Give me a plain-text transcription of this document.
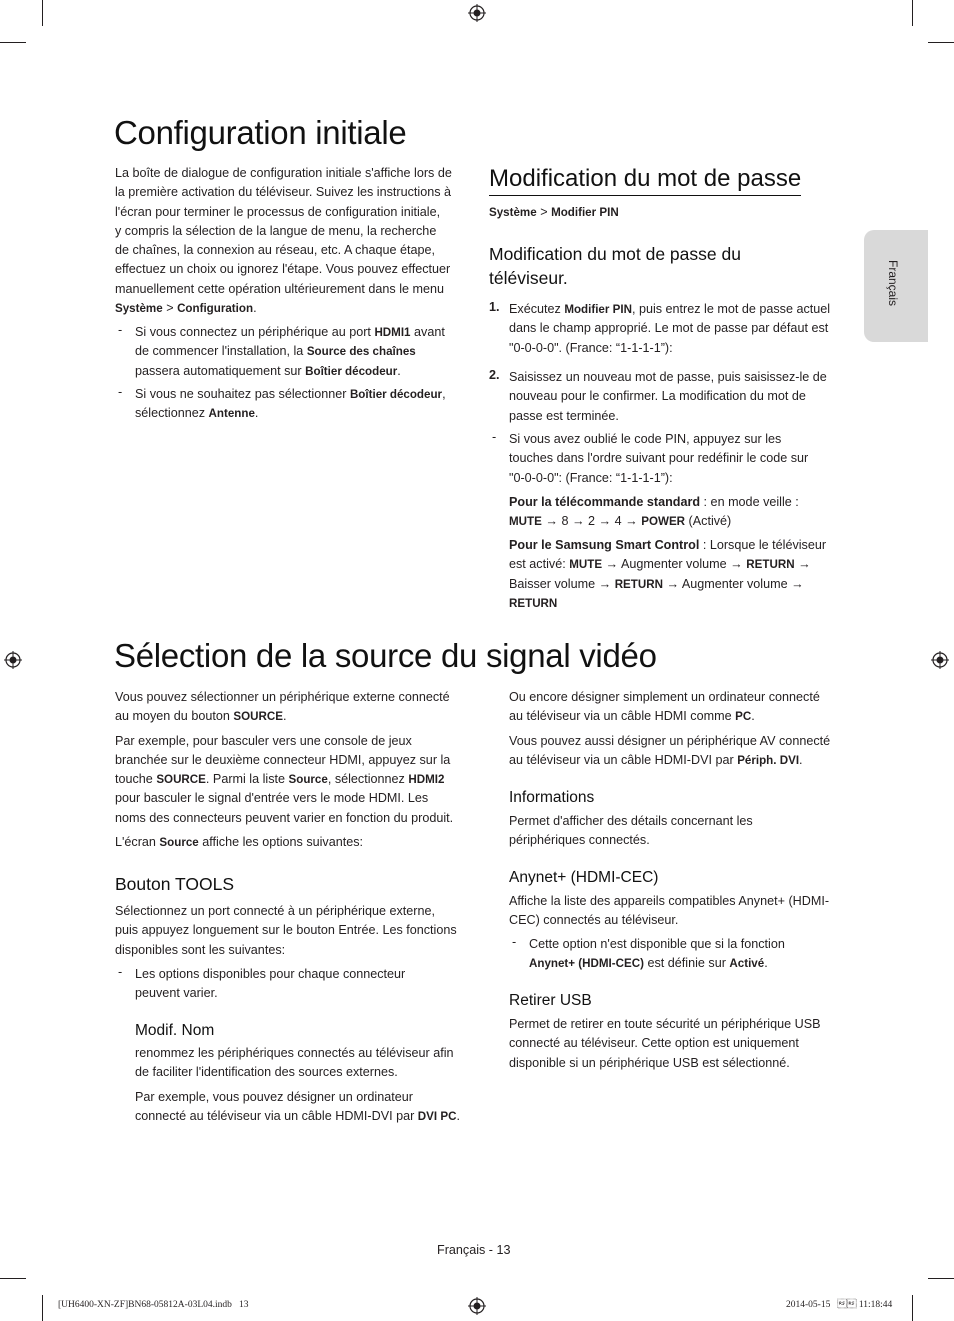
Français
Configuration initiale

La boîte de dialogue de configuration initiale s'affiche lors de

la première activation du téléviseur. Suivez les instructions à

l'écran pour terminer le processus de configuration initiale,

y compris la sélection de la langue de menu, la recherche

de chaînes, la connexion au réseau, etc. A chaque étape,

effectuez un choix ou ignorez l'étape. Vous pouvez effectuer

manuellement cette opération ultérieurement dans le menu

Système > Configuration.

- Si vous connectez un périphérique au port HDMI1 avant

de commencer l'installation, la Source des chaînes

passera automatiquement sur Boîtier décodeur.

- Si vous ne souhaitez pas sélectionner Boîtier décodeur,

sélectionnez Antenne.

Modification du mot de passe

Système > Modifier PIN

Modification du mot de passe du
téléviseur.
1. Exécutez Modifier PIN, puis entrez le mot de passe actuel

dans le champ approprié. Le mot de passe par défaut est

"0-0-0-0". (France: “1-1-1-1”):

2. Saisissez un nouveau mot de passe, puis saisissez-le de

nouveau pour le confirmer. La modification du mot de

passe est terminée.

- Si vous avez oublié le code PIN, appuyez sur les

touches dans l'ordre suivant pour redéfinir le code sur

"0-0-0-0": (France: “1-1-1-1”):

Pour la télécommande standard : en mode veille :

MUTE → 8 → 2 → 4 → POWER (Activé)

Pour le Samsung Smart Control : Lorsque le téléviseur

est activé: MUTE → Augmenter volume → RETURN →

Baisser volume → RETURN → Augmenter volume →

RETURN

Sélection de la source du signal vidéo

Vous pouvez sélectionner un périphérique externe connecté

au moyen du bouton SOURCE.

Par exemple, pour basculer vers une console de jeux

branchée sur le deuxième connecteur HDMI, appuyez sur la

touche SOURCE. Parmi la liste Source, sélectionnez HDMI2

pour basculer le signal d'entrée vers le mode HDMI. Les

noms des connecteurs peuvent varier en fonction du produit.

L'écran Source affiche les options suivantes:

Bouton TOOLS

Sélectionnez un port connecté à un périphérique externe,

puis appuyez longuement sur le bouton Entrée. Les fonctions

disponibles sont les suivantes:

- Les options disponibles pour chaque connecteur

peuvent varier.

Modif. Nom

renommez les périphériques connectés au téléviseur afin

de faciliter l'identification des sources externes.

Par exemple, vous pouvez désigner un ordinateur

connecté au téléviseur via un câble HDMI-DVI par DVI PC.

Ou encore désigner simplement un ordinateur connecté

au téléviseur via un câble HDMI comme PC.

Vous pouvez aussi désigner un périphérique AV connecté

au téléviseur via un câble HDMI-DVI par Périph. DVI.

Informations

Permet d'afficher des détails concernant les

périphériques connectés.

Anynet+ (HDMI-CEC)

Affiche la liste des appareils compatibles Anynet+ (HDMI-

CEC) connectés au téléviseur.

- Cette option n'est disponible que si la fonction

Anynet+ (HDMI-CEC) est définie sur Activé.

Retirer USB

Permet de retirer en toute sécurité un périphérique USB

connecté au téléviseur. Cette option est uniquement

disponible si un périphérique USB est sélectionné.

Français - 13
[UH6400-XN-ZF]BN68-05812A-03L04.indb   13	2014-05-15    11:18:44
